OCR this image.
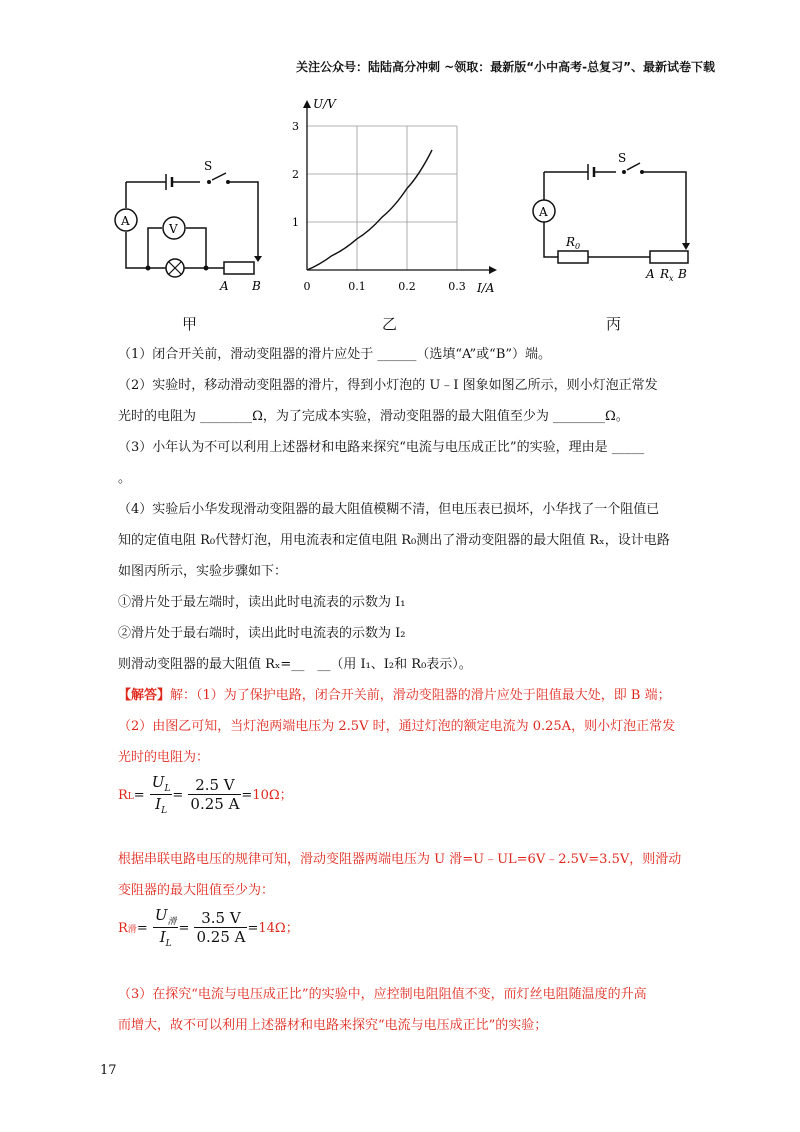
关注公众号：陆陆高分冲刺 ~领取：最新版“小中高考-总复习”、最新试卷下载
S
A
V
A B
甲
0	0.1	0.2	0.3
1
2
3
I/A
U/V
乙
S
A
$R_0$
A $R_x$ B
丙
（1）闭合开关前，滑动变阻器的滑片应处于 ______（选填“A”或“B”）端。
（2）实验时，移动滑动变阻器的滑片，得到小灯泡的 U﹣I 图象如图乙所示，则小灯泡正常发
光时的电阻为 ________Ω，为了完成本实验，滑动变阻器的最大阻值至少为 ________Ω。
（3）小年认为不可以利用上述器材和电路来探究“电流与电压成正比”的实验，理由是 _____
。
（4）实验后小华发现滑动变阻器的最大阻值模糊不清，但电压表已损坏，小华找了一个阻值已
知的定值电阻 R₀代替灯泡，用电流表和定值电阻 R₀测出了滑动变阻器的最大阻值 Rₓ，设计电路
如图丙所示，实验步骤如下：
①滑片处于最左端时，读出此时电流表的示数为 I₁
②滑片处于最右端时，读出此时电流表的示数为 I₂
则滑动变阻器的最大阻值 Rₓ=__　__（用 I₁、I₂和 R₀表示）。
【解答】解：（1）为了保护电路，闭合开关前，滑动变阻器的滑片应处于阻值最大处，即 B 端；
（2）由图乙可知，当灯泡两端电压为 2.5V 时，通过灯泡的额定电流为 0.25A，则小灯泡正常发
光时的电阻为：
$RL= \frac{U_L}{I_L} = \frac{2.5 V}{0.25 A} =10\Omega$；
根据串联电路电压的规律可知，滑动变阻器两端电压为 U 滑=U﹣UL=6V﹣2.5V=3.5V，则滑动
变阻器的最大阻值至少为：
R滑= $\frac{U_滑}{I_L} = \frac{3.5 V}{0.25 A} =14\Omega$；
（3）在探究“电流与电压成正比”的实验中，应控制电阻阻值不变，而灯丝电阻随温度的升高
而增大，故不可以利用上述器材和电路来探究“电流与电压成正比”的实验；
17
